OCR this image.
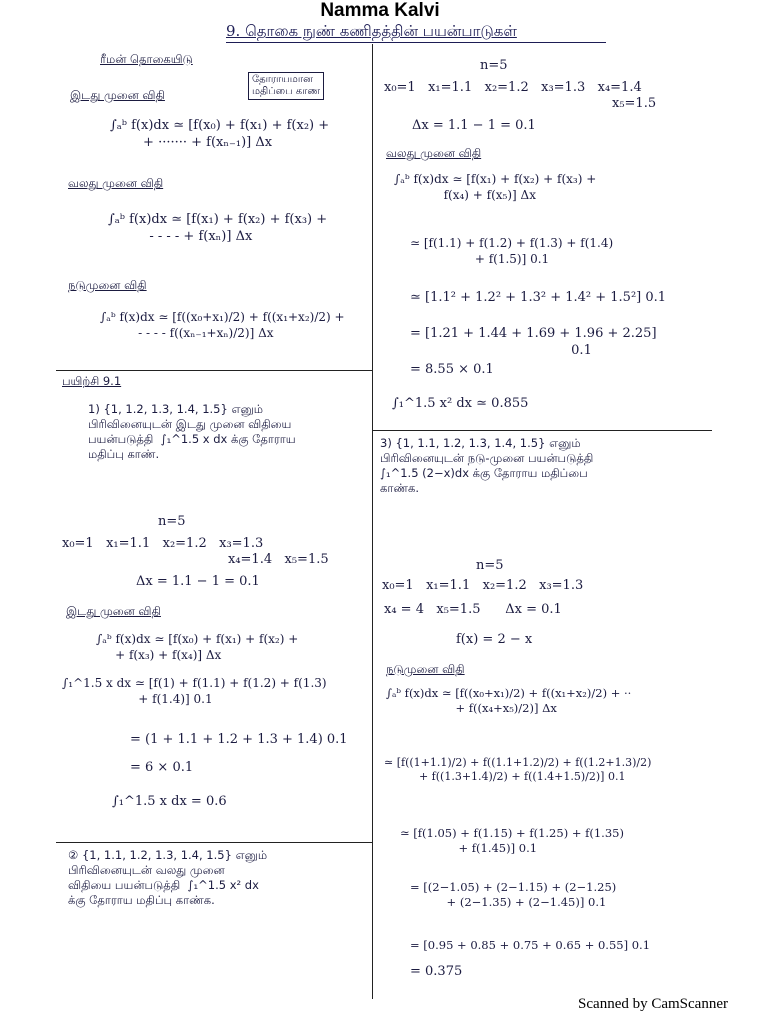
Namma Kalvi
9. தொகை நுண் கணிதத்தின் பயன்பாடுகள்
ரீமன் தொகையிடு
தோராயமான
மதிப்பை காண
இடது முனை விதி
∫ₐᵇ f(x)dx ≃ [f(x₀) + f(x₁) + f(x₂) +
+ ······· + f(xₙ₋₁)] Δx
வலது முனை விதி
∫ₐᵇ f(x)dx ≃ [f(x₁) + f(x₂) + f(x₃) +
- - - - + f(xₙ)] Δx
நடுமுனை விதி
∫ₐᵇ f(x)dx ≃ [f((x₀+x₁)/2) + f((x₁+x₂)/2) +
- - - - f((xₙ₋₁+xₙ)/2)] Δx
பயிற்சி 9.1
1) {1, 1.2, 1.3, 1.4, 1.5} எனும்
பிரிவினையுடன் இடது முனை விதியை
பயன்படுத்தி  ∫₁^1.5 x dx க்கு தோராய
மதிப்பு காண்.
n=5
x₀=1   x₁=1.1   x₂=1.2   x₃=1.3
x₄=1.4   x₅=1.5
Δx = 1.1 − 1 = 0.1
இடது முனை விதி
∫ₐᵇ f(x)dx ≃ [f(x₀) + f(x₁) + f(x₂) +
+ f(x₃) + f(x₄)] Δx
∫₁^1.5 x dx ≃ [f(1) + f(1.1) + f(1.2) + f(1.3)
+ f(1.4)] 0.1
= (1 + 1.1 + 1.2 + 1.3 + 1.4) 0.1
= 6 × 0.1
∫₁^1.5 x dx = 0.6
② {1, 1.1, 1.2, 1.3, 1.4, 1.5} எனும்
பிரிவினையுடன் வலது முனை
விதியை பயன்படுத்தி  ∫₁^1.5 x² dx
க்கு தோராய மதிப்பு காண்க.
n=5
x₀=1   x₁=1.1   x₂=1.2   x₃=1.3   x₄=1.4
x₅=1.5
Δx = 1.1 − 1 = 0.1
வலது முனை விதி
∫ₐᵇ f(x)dx ≃ [f(x₁) + f(x₂) + f(x₃) +
f(x₄) + f(x₅)] Δx
≃ [f(1.1) + f(1.2) + f(1.3) + f(1.4)
+ f(1.5)] 0.1
≃ [1.1² + 1.2² + 1.3² + 1.4² + 1.5²] 0.1
= [1.21 + 1.44 + 1.69 + 1.96 + 2.25]
0.1
= 8.55 × 0.1
∫₁^1.5 x² dx ≃ 0.855
3) {1, 1.1, 1.2, 1.3, 1.4, 1.5} எனும்
பிரிவினையுடன் நடு-முனை பயன்படுத்தி
∫₁^1.5 (2−x)dx க்கு தோராய மதிப்பை
காண்க.
n=5
x₀=1   x₁=1.1   x₂=1.2   x₃=1.3
x₄ = 4   x₅=1.5      Δx = 0.1
f(x) = 2 − x
நடுமுனை விதி
∫ₐᵇ f(x)dx ≃ [f((x₀+x₁)/2) + f((x₁+x₂)/2) + ··
+ f((x₄+x₅)/2)] Δx
≃ [f((1+1.1)/2) + f((1.1+1.2)/2) + f((1.2+1.3)/2)
+ f((1.3+1.4)/2) + f((1.4+1.5)/2)] 0.1
≃ [f(1.05) + f(1.15) + f(1.25) + f(1.35)
+ f(1.45)] 0.1
= [(2−1.05) + (2−1.15) + (2−1.25)
+ (2−1.35) + (2−1.45)] 0.1
= [0.95 + 0.85 + 0.75 + 0.65 + 0.55] 0.1
= 0.375
Scanned by CamScanner
